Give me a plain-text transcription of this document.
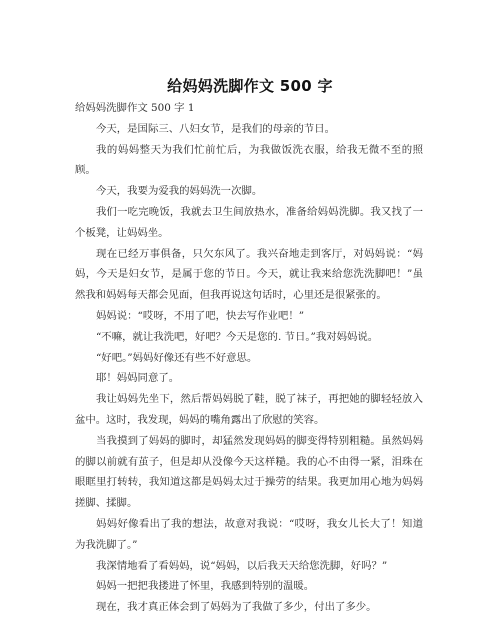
给妈妈洗脚作文 500 字

给妈妈洗脚作文 500 字 1

今天，是国际三、八妇女节，是我们的母亲的节日。

我的妈妈整天为我们忙前忙后，为我做饭洗衣服，给我无微不至的照顾。

今天，我要为爱我的妈妈洗一次脚。

我们一吃完晚饭，我就去卫生间放热水，准备给妈妈洗脚。我又找了一个板凳，让妈妈坐。

现在已经万事俱备，只欠东风了。我兴奋地走到客厅，对妈妈说：“妈妈，今天是妇女节，是属于您的节日。今天，就让我来给您洗洗脚吧！”虽然我和妈妈每天都会见面，但我再说这句话时，心里还是很紧张的。

妈妈说：“哎呀，不用了吧，快去写作业吧！”

“不嘛，就让我洗吧，好吧？今天是您的. 节日。”我对妈妈说。

“好吧。”妈妈好像还有些不好意思。

耶！妈妈同意了。

我让妈妈先坐下，然后帮妈妈脱了鞋，脱了袜子，再把她的脚轻轻放入盆中。这时，我发现，妈妈的嘴角露出了欣慰的笑容。

当我摸到了妈妈的脚时，却猛然发现妈妈的脚变得特别粗糙。虽然妈妈的脚以前就有茧子，但是却从没像今天这样糙。我的心不由得一紧，泪珠在眼眶里打转转，我知道这都是妈妈太过于操劳的结果。我更加用心地为妈妈搓脚、揉脚。

妈妈好像看出了我的想法，故意对我说：“哎呀，我女儿长大了！知道为我洗脚了。”

我深情地看了看妈妈，说“妈妈，以后我天天给您洗脚，好吗？”

妈妈一把把我搂进了怀里，我感到特别的温暖。

现在，我才真正体会到了妈妈为了我做了多少，付出了多少。
